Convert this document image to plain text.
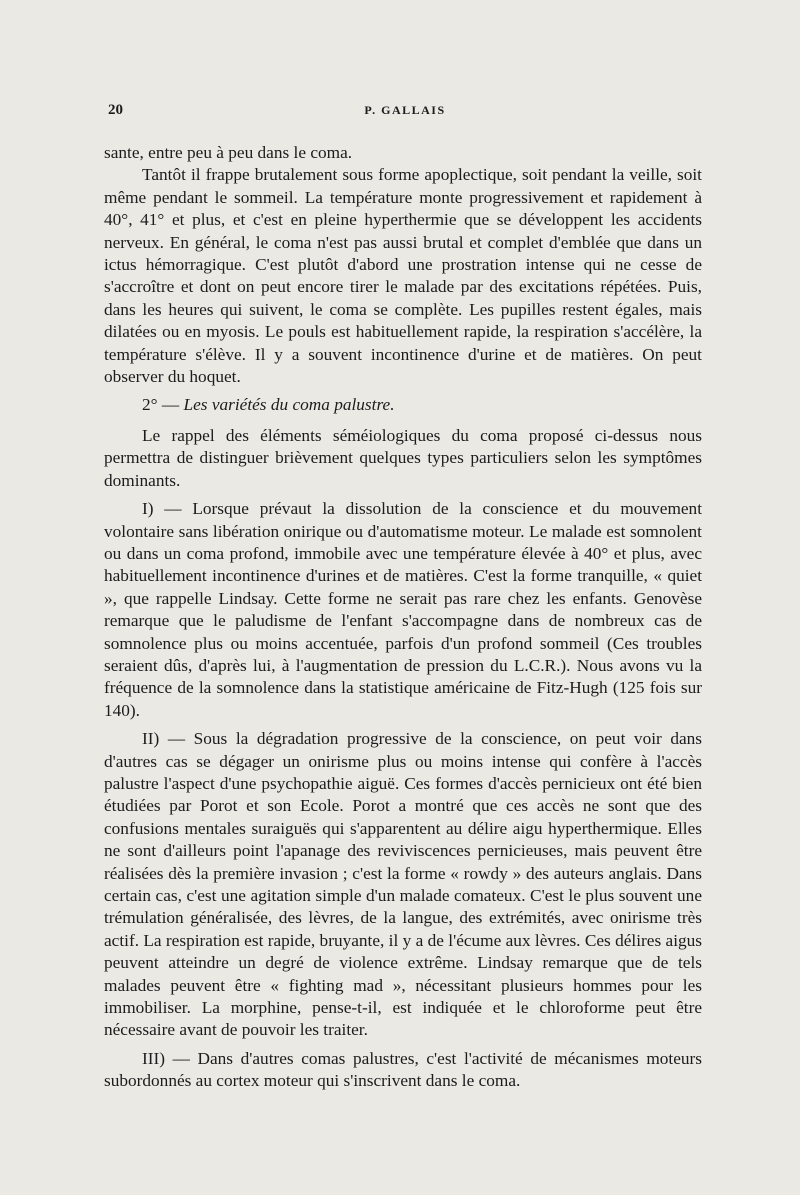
20	P. GALLAIS

sante, entre peu à peu dans le coma.

Tantôt il frappe brutalement sous forme apoplectique, soit pendant la veille, soit même pendant le sommeil. La température monte progressivement et rapidement à 40°, 41° et plus, et c'est en pleine hyperthermie que se développent les accidents nerveux. En général, le coma n'est pas aussi brutal et complet d'emblée que dans un ictus hémorragique. C'est plutôt d'abord une prostration intense qui ne cesse de s'accroître et dont on peut encore tirer le malade par des excitations répétées. Puis, dans les heures qui suivent, le coma se complète. Les pupilles restent égales, mais dilatées ou en myosis. Le pouls est habituellement rapide, la respiration s'accélère, la température s'élève. Il y a souvent incontinence d'urine et de matières. On peut observer du hoquet.

2° — Les variétés du coma palustre.

Le rappel des éléments séméiologiques du coma proposé ci-dessus nous permettra de distinguer brièvement quelques types particuliers selon les symptômes dominants.

I) — Lorsque prévaut la dissolution de la conscience et du mouvement volontaire sans libération onirique ou d'automatisme moteur. Le malade est somnolent ou dans un coma profond, immobile avec une température élevée à 40° et plus, avec habituellement incontinence d'urines et de matières. C'est la forme tranquille, « quiet », que rappelle Lindsay. Cette forme ne serait pas rare chez les enfants. Genovèse remarque que le paludisme de l'enfant s'accompagne dans de nombreux cas de somnolence plus ou moins accentuée, parfois d'un profond sommeil (Ces troubles seraient dûs, d'après lui, à l'augmentation de pression du L.C.R.). Nous avons vu la fréquence de la somnolence dans la statistique américaine de Fitz-Hugh (125 fois sur 140).

II) — Sous la dégradation progressive de la conscience, on peut voir dans d'autres cas se dégager un onirisme plus ou moins intense qui confère à l'accès palustre l'aspect d'une psychopathie aiguë. Ces formes d'accès pernicieux ont été bien étudiées par Porot et son Ecole. Porot a montré que ces accès ne sont que des confusions mentales suraiguës qui s'apparentent au délire aigu hyperthermique. Elles ne sont d'ailleurs point l'apanage des reviviscences pernicieuses, mais peuvent être réalisées dès la première invasion ; c'est la forme « rowdy » des auteurs anglais. Dans certain cas, c'est une agitation simple d'un malade comateux. C'est le plus souvent une trémulation généralisée, des lèvres, de la langue, des extrémités, avec onirisme très actif. La respiration est rapide, bruyante, il y a de l'écume aux lèvres. Ces délires aigus peuvent atteindre un degré de violence extrême. Lindsay remarque que de tels malades peuvent être « fighting mad », nécessitant plusieurs hommes pour les immobiliser. La morphine, pense-t-il, est indiquée et le chloroforme peut être nécessaire avant de pouvoir les traiter.

III) — Dans d'autres comas palustres, c'est l'activité de mécanismes moteurs subordonnés au cortex moteur qui s'inscrivent dans le coma.
